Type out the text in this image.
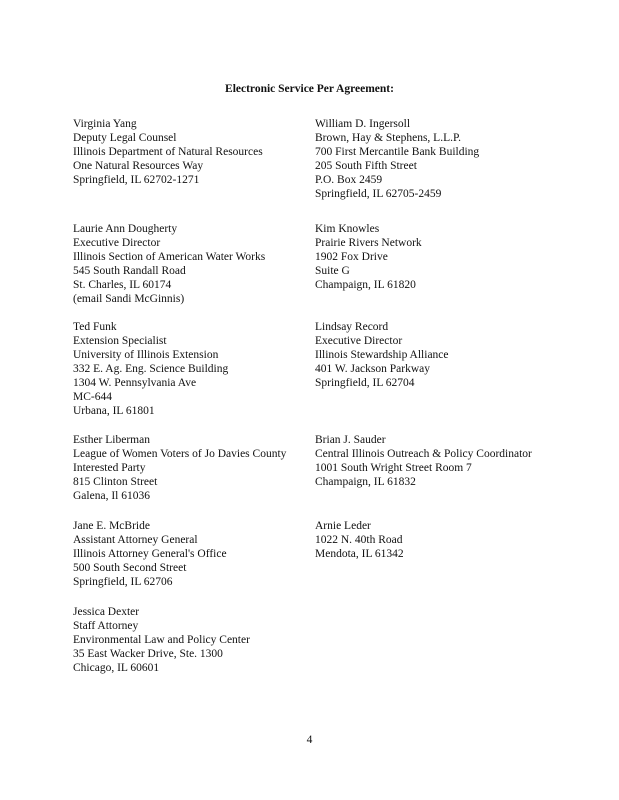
Electronic Service Per Agreement:
Virginia Yang
Deputy Legal Counsel
Illinois Department of Natural Resources
One Natural Resources Way
Springfield, IL 62702-1271
William D. Ingersoll
Brown, Hay & Stephens, L.L.P.
700 First Mercantile Bank Building
205 South Fifth Street
P.O. Box 2459
Springfield, IL 62705-2459
Laurie Ann Dougherty
Executive Director
Illinois Section of American Water Works
545 South Randall Road
St. Charles, IL 60174
(email Sandi McGinnis)
Kim Knowles
Prairie Rivers Network
1902 Fox Drive
Suite G
Champaign, IL 61820
Ted Funk
Extension Specialist
University of Illinois Extension
332 E. Ag. Eng. Science Building
1304 W. Pennsylvania Ave
MC-644
Urbana, IL 61801
Lindsay Record
Executive Director
Illinois Stewardship Alliance
401 W. Jackson Parkway
Springfield, IL 62704
Esther Liberman
League of Women Voters of Jo Davies County
Interested Party
815 Clinton Street
Galena, Il 61036
Brian J. Sauder
Central Illinois Outreach & Policy Coordinator
1001 South Wright Street Room 7
Champaign, IL 61832
Jane E. McBride
Assistant Attorney General
Illinois Attorney General's Office
500 South Second Street
Springfield, IL 62706
Arnie Leder
1022 N. 40th Road
Mendota, IL 61342
Jessica Dexter
Staff Attorney
Environmental Law and Policy Center
35 East Wacker Drive, Ste. 1300
Chicago, IL 60601
4
